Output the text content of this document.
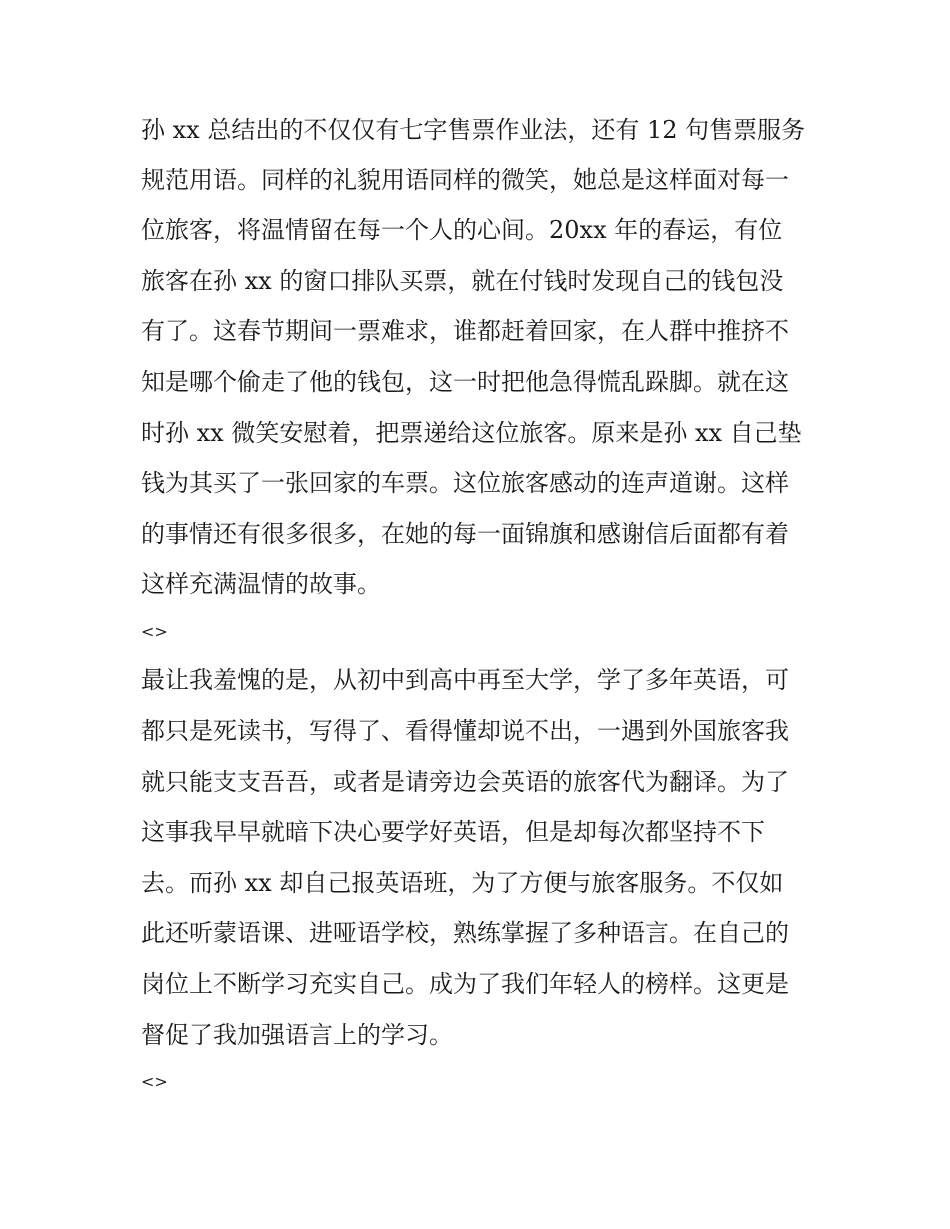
孙 xx 总结出的不仅仅有七字售票作业法，还有 12 句售票服务
规范用语。同样的礼貌用语同样的微笑，她总是这样面对每一
位旅客，将温情留在每一个人的心间。20xx 年的春运，有位
旅客在孙 xx 的窗口排队买票，就在付钱时发现自己的钱包没
有了。这春节期间一票难求，谁都赶着回家，在人群中推挤不
知是哪个偷走了他的钱包，这一时把他急得慌乱跺脚。就在这
时孙 xx 微笑安慰着，把票递给这位旅客。原来是孙 xx 自己垫
钱为其买了一张回家的车票。这位旅客感动的连声道谢。这样
的事情还有很多很多，在她的每一面锦旗和感谢信后面都有着
这样充满温情的故事。
<>
最让我羞愧的是，从初中到高中再至大学，学了多年英语，可
都只是死读书，写得了、看得懂却说不出，一遇到外国旅客我
就只能支支吾吾，或者是请旁边会英语的旅客代为翻译。为了
这事我早早就暗下决心要学好英语，但是却每次都坚持不下
去。而孙 xx 却自己报英语班，为了方便与旅客服务。不仅如
此还听蒙语课、进哑语学校，熟练掌握了多种语言。在自己的
岗位上不断学习充实自己。成为了我们年轻人的榜样。这更是
督促了我加强语言上的学习。
<>
